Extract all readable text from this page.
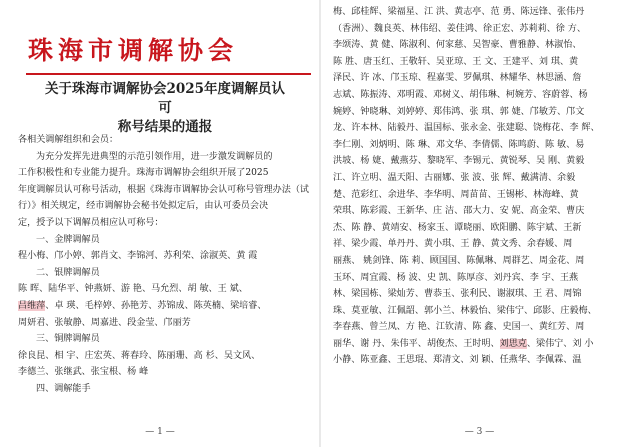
珠海市调解协会
关于珠海市调解协会2025年度调解员认可
称号结果的通报
各相关调解组织和会员：
为充分发挥先进典型的示范引领作用，进一步激发调解员的
工作积极性和专业能力提升。珠海市调解协会组织开展了2025
年度调解员认可称号活动，根据《珠海市调解协会认可称号管理办法（试
行）》相关规定，经市调解协会秘书处拟定后，由认可委员会决
定，授予以下调解员相应认可称号：
一、金牌调解员
程小梅、邝小婷、郭肖文、李锦河、苏利荣、涂淑英、黄 霞
二、银牌调解员
陈 晖、陆华平、钟燕妍、游 艳、马允烈、胡 敏、王 斌、
吕维萍、卓 瑛、毛梓婷、孙艳芳、苏锦成、陈英楠、梁培睿、
周妍君、张敏静、周嘉进、段金莹、邝丽芳
三、铜牌调解员
徐良昆、相 宇、庄宏英、蒋春玲、陈丽珊、高 杉、吴文风、
李德兰、张继武、张宝根、杨 峰
四、调解能手
— 1 —
梅、邱桂辉、梁福星、江 洪、黄志亭、范 勇、陈远锋、张伟丹
（香洲）、魏良英、林伟绍、姜佳鸿、徐正宏、苏莉莉、徐 方、
李颂涛、黄 健、陈淑利、何家慈、吴智豪、曹雅静、林淑怡、
陈 胜、唐玉红、王敬轩、吴亚琼、王 文、王建平、刘 琪、黄
泽民、许 冰、邝玉琼、程嘉雯、罗佩琪、林耀华、林思涵、詹
志斌、陈振涛、邓明霞、邓树义、胡伟琳、柯婉芳、容蔚蓉、杨
婉婷、钟晓琳、刘婷婷、郑伟鸿、张 琪、郭 婕、邝敏芳、邝文
龙、许本林、陆毅丹、温国标、张永金、张建聪、饶梅花、李 辉、
李仁刚、刘炳明、陈 琳、邓文华、李倩儒、陈鸣蔚、陈 敏、易
洪坡、杨 婕、戴燕芬、黎晓军、李锡元、黄锐琴、吴 刚、黄毅
江、许立明、温天阳、古丽娜、张 波、张 辉、戴满清、余毅
楚、范彩红、余进华、李华明、周苗苗、王锡彬、林海峰、黄
荣琪、陈彩霞、王新华、庄 洁、邵大力、安 妮、高金荣、曹庆
杰、陈 静、黄靖安、杨家玉、谭晓丽、欧阳鹏、陈宇斌、王新
祥、梁少霞、单丹丹、黄小琪、王 静、黄文秀、余春媛、周
丽燕、 姚剑锋、陈 莉、顾国国、陈佩琳、周群艺、周金花、周
玉环、周宜霞、杨 波、史 凯、陈厚彦、刘丹宾、李 宇、王燕
林、梁国栋、梁灿芳、曹恭玉、张利民、谢淑琪、王 君、周锦
珠、莫亚敏、江佩韶、郭小兰、林毅怡、梁伟宁、邱影、庄毅梅、
李春燕、曾兰凤、方 艳、江钦清、陈 鑫、史国一、黄红芳、周
丽华、谢 丹、朱伟平、胡俊杰、王时明、刘思克、梁伟宁、刘 小
小静、陈亚鑫、王思琨、郑清文、刘 颖、任燕华、李佩霖、温
— 3 —
